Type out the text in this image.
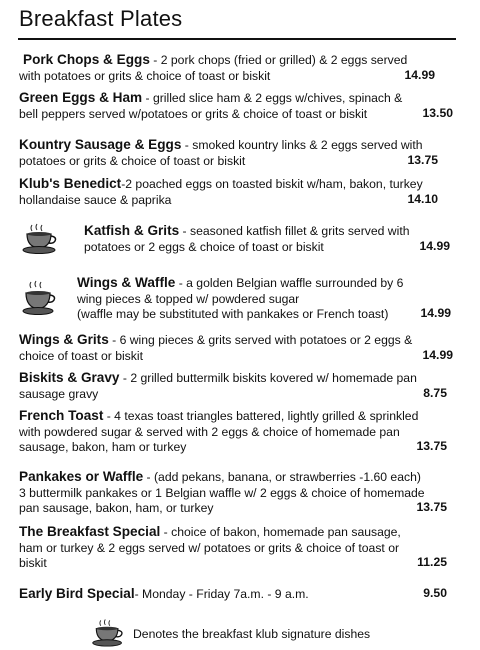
Breakfast Plates
Pork Chops & Eggs - 2 pork chops (fried or grilled) & 2 eggs served
with potatoes or grits & choice of toast or biskit	14.99
Green Eggs & Ham - grilled slice ham & 2 eggs w/chives, spinach &
bell peppers served w/potatoes or grits & choice of toast or biskit	13.50
Kountry Sausage & Eggs - smoked kountry links & 2 eggs served with
potatoes or grits & choice of toast or biskit	13.75
Klub's Benedict-2 poached eggs on toasted biskit w/ham, bakon, turkey
hollandaise sauce & paprika	14.10
Katfish & Grits - seasoned katfish fillet & grits served with
potatoes or 2 eggs & choice of toast or biskit	14.99
Wings & Waffle - a golden Belgian waffle surrounded by 6
wing pieces & topped w/ powdered sugar
(waffle may be substituted with pankakes or French toast)	14.99
Wings & Grits - 6 wing pieces & grits served with potatoes or 2 eggs &
choice of toast or biskit	14.99
Biskits & Gravy - 2 grilled buttermilk biskits kovered w/ homemade pan
sausage gravy	8.75
French Toast - 4 texas toast triangles battered, lightly grilled & sprinkled
with powdered sugar & served with 2 eggs & choice of homemade pan
sausage, bakon, ham or turkey	13.75
Pankakes or Waffle - (add pekans, banana, or strawberries -1.60 each)
3 buttermilk pankakes or 1 Belgian waffle w/ 2 eggs & choice of homemade
pan sausage, bakon, ham, or turkey	13.75
The Breakfast Special - choice of bakon, homemade pan sausage,
ham or turkey & 2 eggs served w/ potatoes or grits & choice of toast or
biskit	11.25
Early Bird Special- Monday - Friday 7a.m. - 9 a.m.	9.50
Denotes the breakfast klub signature dishes
